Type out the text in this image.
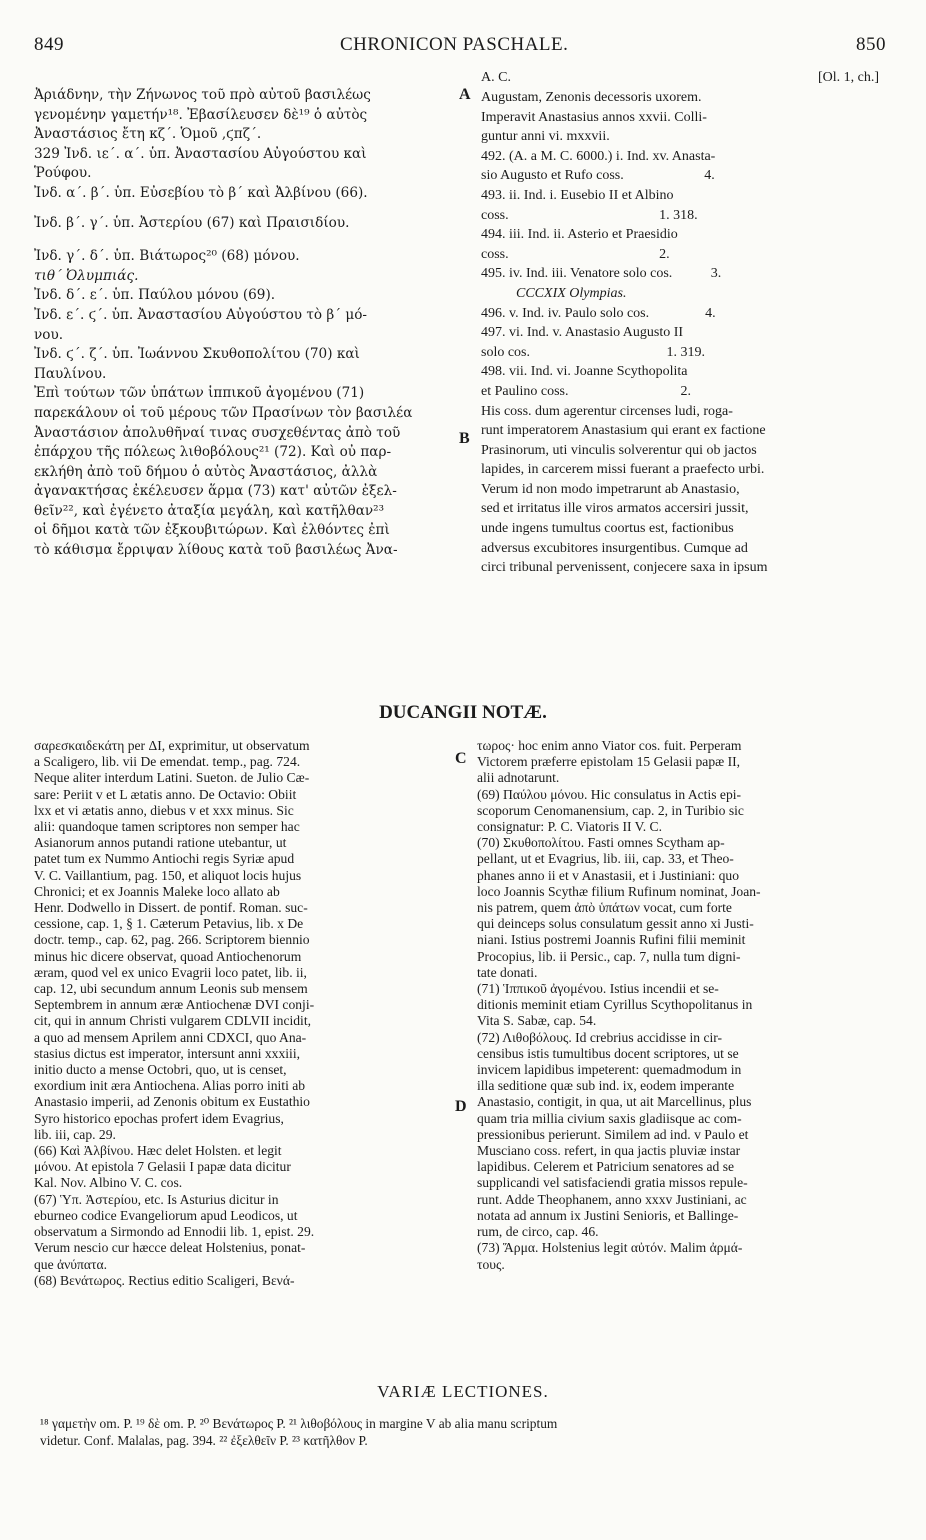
849	CHRONICON PASCHALE.	850

Ἀριάδνην, τὴν Ζήνωνος τοῦ πρὸ αὐτοῦ βασιλέως

γενομένην γαμετήν¹⁸. Ἐβασίλευσεν δὲ¹⁹ ὁ αὐτὸς

Ἀναστάσιος ἔτη κζ΄. Ὁμοῦ ,ϛπζ΄.

329 Ἰνδ. ιε΄. α΄. ὑπ. Ἀναστασίου Αὐγούστου καὶ

Ῥούφου.

Ἰνδ. α΄. β΄. ὑπ. Εὐσεβίου τὸ β΄ καὶ Ἀλβίνου (66).

Ἰνδ. β΄. γ΄. ὑπ. Ἀστερίου (67) καὶ Πραισιδίου.

Ἰνδ. γ΄. δ΄. ὑπ. Βιάτωρος²⁰ (68) μόνου.

τιθ΄ Ὀλυμπιάς.

Ἰνδ. δ΄. ε΄. ὑπ. Παύλου μόνου (69).

Ἰνδ. ε΄. ϛ΄. ὑπ. Ἀναστασίου Αὐγούστου τὸ β΄ μό-

νου.

Ἰνδ. ϛ΄. ζ΄. ὑπ. Ἰωάννου Σκυθοπολίτου (70) καὶ

Παυλίνου.

Ἐπὶ τούτων τῶν ὑπάτων ἱππικοῦ ἀγομένου (71)

παρεκάλουν οἱ τοῦ μέρους τῶν Πρασίνων τὸν βασιλέα

Ἀναστάσιον ἀπολυθῆναί τινας συσχεθέντας ἀπὸ τοῦ

ἐπάρχου τῆς πόλεως λιθοβόλους²¹ (72). Καὶ οὐ παρ-

εκλήθη ἀπὸ τοῦ δήμου ὁ αὐτὸς Ἀναστάσιος, ἀλλὰ

ἀγανακτήσας ἐκέλευσεν ἅρμα (73) κατ' αὐτῶν ἐξελ-

θεῖν²², καὶ ἐγένετο ἀταξία μεγάλη, καὶ κατῆλθαν²³

οἱ δῆμοι κατὰ τῶν ἐξκουβιτώρων. Καὶ ἐλθόντες ἐπὶ

τὸ κάθισμα ἔρριψαν λίθους κατὰ τοῦ βασιλέως Ἀνα-

A
B
C
D
A. C.	[Ol. 1, ch.]

Augustam, Zenonis decessoris uxorem.

Imperavit Anastasius annos xxvii. Colli-

guntur anni vi. mxxvii.

492. (A. a M. C. 6000.) i. Ind. xv. Anasta-

sio Augusto et Rufo coss.                       4.

493. ii. Ind. i. Eusebio II et Albino

coss.                                           1. 318.

494. iii. Ind. ii. Asterio et Praesidio

coss.                                           2.

495. iv. Ind. iii. Venatore solo cos.           3.

CCCXIX Olympias.

496. v. Ind. iv. Paulo solo cos.                4.

497. vi. Ind. v. Anastasio Augusto II

solo cos.                                       1. 319.

498. vii. Ind. vi. Joanne Scythopolita

et Paulino coss.                                2.

His coss. dum agerentur circenses ludi, roga-

runt imperatorem Anastasium qui erant ex factione

Prasinorum, uti vinculis solverentur qui ob jactos

lapides, in carcerem missi fuerant a praefecto urbi.

Verum id non modo impetrarunt ab Anastasio,

sed et irritatus ille viros armatos accersiri jussit,

unde ingens tumultus coortus est, factionibus

adversus excubitores insurgentibus. Cumque ad

circi tribunal pervenissent, conjecere saxa in ipsum

DUCANGII NOTÆ.

σαρεσκαιδεκάτη per ΔI, exprimitur, ut observatum

a Scaligero, lib. vii De emendat. temp., pag. 724.

Neque aliter interdum Latini. Sueton. de Julio Cæ-

sare: Periit v et L ætatis anno. De Octavio: Obiit

lxx et vi ætatis anno, diebus v et xxx minus. Sic

alii: quandoque tamen scriptores non semper hac

Asianorum annos putandi ratione utebantur, ut

patet tum ex Nummo Antiochi regis Syriæ apud

V. C. Vaillantium, pag. 150, et aliquot locis hujus

Chronici; et ex Joannis Maleke loco allato ab

Henr. Dodwello in Dissert. de pontif. Roman. suc-

cessione, cap. 1, § 1. Cæterum Petavius, lib. x De

doctr. temp., cap. 62, pag. 266. Scriptorem biennio

minus hic dicere observat, quoad Antiochenorum

æram, quod vel ex unico Evagrii loco patet, lib. ii,

cap. 12, ubi secundum annum Leonis sub mensem

Septembrem in annum æræ Antiochenæ DVI conji-

cit, qui in annum Christi vulgarem CDLVII incidit,

a quo ad mensem Aprilem anni CDXCI, quo Ana-

stasius dictus est imperator, intersunt anni xxxiii,

initio ducto a mense Octobri, quo, ut is censet,

exordium init æra Antiochena. Alias porro initi ab

Anastasio imperii, ad Zenonis obitum ex Eustathio

Syro historico epochas profert idem Evagrius,

lib. iii, cap. 29.

(66) Καὶ Ἀλβίνου. Hæc delet Holsten. et legit

μόνου. At epistola 7 Gelasii I papæ data dicitur

Kal. Nov. Albino V. C. cos.

(67) Ὑπ. Ἀστερίου, etc. Is Asturius dicitur in

eburneo codice Evangeliorum apud Leodicos, ut

observatum a Sirmondo ad Ennodii lib. 1, epist. 29.

Verum nescio cur hæcce deleat Holstenius, ponat-

que ἀνύπατα.

(68) Βενάτωρος. Rectius editio Scaligeri, Βενά-

τωρος· hoc enim anno Viator cos. fuit. Perperam

Victorem præferre epistolam 15 Gelasii papæ II,

alii adnotarunt.

(69) Παύλου μόνου. Hic consulatus in Actis epi-

scoporum Cenomanensium, cap. 2, in Turibio sic

consignatur: P. C. Viatoris II V. C.

(70) Σκυθοπολίτου. Fasti omnes Scytham ap-

pellant, ut et Evagrius, lib. iii, cap. 33, et Theo-

phanes anno ii et v Anastasii, et i Justiniani: quo

loco Joannis Scythæ filium Rufinum nominat, Joan-

nis patrem, quem ἀπὸ ὑπάτων vocat, cum forte

qui deinceps solus consulatum gessit anno xi Justi-

niani. Istius postremi Joannis Rufini filii meminit

Procopius, lib. ii Persic., cap. 7, nulla tum digni-

tate donati.

(71) Ἱππικοῦ ἀγομένου. Istius incendii et se-

ditionis meminit etiam Cyrillus Scythopolitanus in

Vita S. Sabæ, cap. 54.

(72) Λιθοβόλους. Id crebrius accidisse in cir-

censibus istis tumultibus docent scriptores, ut se

invicem lapidibus impeterent: quemadmodum in

illa seditione quæ sub ind. ix, eodem imperante

Anastasio, contigit, in qua, ut ait Marcellinus, plus

quam tria millia civium saxis gladiisque ac com-

pressionibus perierunt. Similem ad ind. v Paulo et

Musciano coss. refert, in qua jactis pluviæ instar

lapidibus. Celerem et Patricium senatores ad se

supplicandi vel satisfaciendi gratia missos repule-

runt. Adde Theophanem, anno xxxv Justiniani, ac

notata ad annum ix Justini Senioris, et Ballinge-

rum, de circo, cap. 46.

(73) Ἅρμα. Holstenius legit αὐτόν. Malim ἀρμά-

τους.

VARIÆ LECTIONES.

¹⁸ γαμετὴν om. P. ¹⁹ δὲ om. P. ²⁰ Βενάτωρος P. ²¹ λιθοβόλους in margine V ab alia manu scriptum

videtur. Conf. Malalas, pag. 394. ²² ἐξελθεῖν P. ²³ κατῆλθον P.
